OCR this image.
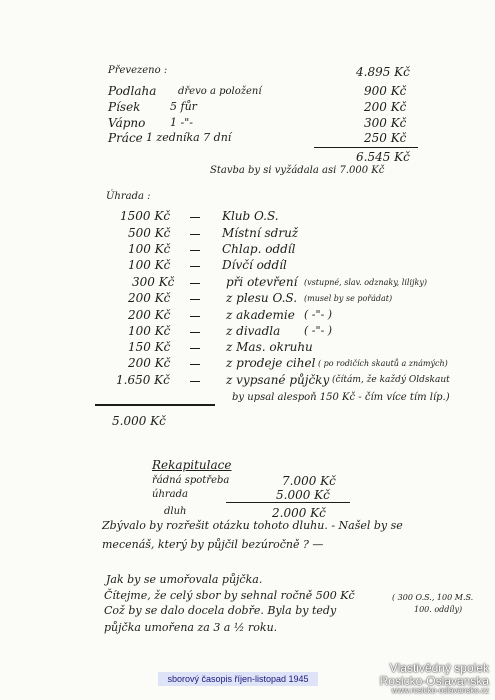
Převezeno :	4.895 Kč
Podlaha dřevo a položení	900 Kč
Písek	5 fůr	200 Kč
Vápno 1 -"-	300 Kč
Práce 1 zedníka 7 dní	250 Kč
6.545 Kč
Stavba by si vyžádala asi 7.000 Kč
Úhrada :
1500 Kč	Klub O.S.
500 Kč	Místní sdruž
100 Kč	Chlap. oddíl
100 Kč	Dívčí oddíl
300 Kč	při otevření (vstupné, slav. odznaky, lilijky)
200 Kč	z plesu O.S. (musel by se pořádat)
200 Kč	z akademie ( -"- )
100 Kč	z divadla ( -"- )
150 Kč	z Mas. okruhu
200 Kč	z prodeje cihel ( po rodičích skautů a známých)
1.650 Kč	z vypsané půjčky (čítám, že každý Oldskaut
by upsal alespoň 150 Kč - čím více tím líp.)
5.000 Kč
Rekapitulace
řádná spotřeba	7.000 Kč
úhrada	5.000 Kč
dluh	2.000 Kč
Zbývalo by rozřešit otázku tohoto dluhu. - Našel by se
mecenáš, který by půjčil bezúročně ? —
Jak by se umořovala půjčka.
Čítejme, že celý sbor by sehnal ročně 500 Kč	( 300 O.S., 100 M.S.
Což by se dalo docela dobře. Byla by tedy	100. oddíly)
půjčka umořena za 3 a ½ roku.
sborový časopis říjen-listopad 1945
Vlastivědný spolek
Rosicko-Oslavanska
www.rosicko-oslavansko.cz
